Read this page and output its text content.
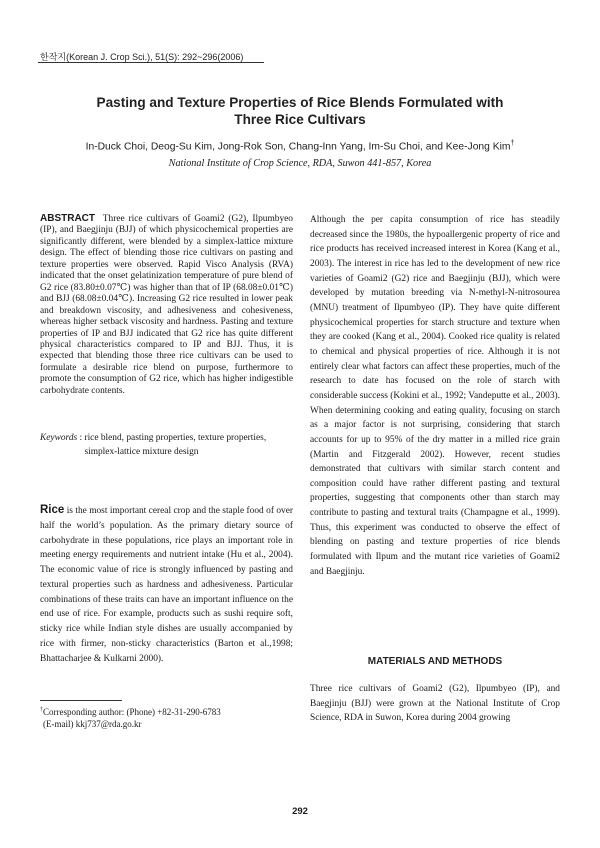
한작지(Korean J. Crop Sci.), 51(S): 292~296(2006)
Pasting and Texture Properties of Rice Blends Formulated with
Three Rice Cultivars
In-Duck Choi, Deog-Su Kim, Jong-Rok Son, Chang-Inn Yang, Im-Su Choi, and Kee-Jong Kim†
National Institute of Crop Science, RDA, Suwon 441-857, Korea
ABSTRACT Three rice cultivars of Goami2 (G2), Ilpumbyeo (IP), and Baegjinju (BJJ) of which physicochemical properties are significantly different, were blended by a simplex-lattice mixture design. The effect of blending those rice cultivars on pasting and texture properties were observed. Rapid Visco Analysis (RVA) indicated that the onset gelatinization temperature of pure blend of G2 rice (83.80±0.07℃) was higher than that of IP (68.08±0.01℃) and BJJ (68.08±0.04℃). Increasing G2 rice resulted in lower peak and breakdown viscosity, and adhesiveness and cohesiveness, whereas higher setback viscosity and hardness. Pasting and texture properties of IP and BJJ indicated that G2 rice has quite different physical characteristics compared to IP and BJJ. Thus, it is expected that blending those three rice cultivars can be used to formulate a desirable rice blend on purpose, furthermore to promote the consumption of G2 rice, which has higher indigestible carbohydrate contents.
Keywords : rice blend, pasting properties, texture properties, simplex-lattice mixture design
Rice is the most important cereal crop and the staple food of over half the world’s population. As the primary dietary source of carbohydrate in these populations, rice plays an important role in meeting energy requirements and nutrient intake (Hu et al., 2004). The economic value of rice is strongly influenced by pasting and textural properties such as hardness and adhesiveness. Particular combinations of these traits can have an important influence on the end use of rice. For example, products such as sushi require soft, sticky rice while Indian style dishes are usually accompanied by rice with firmer, non-sticky characteristics (Barton et al.,1998; Bhattacharjee & Kulkarni 2000).
†Corresponding author: (Phone) +82-31-290-6783
(E-mail) kkj737@rda.go.kr
Although the per capita consumption of rice has steadily decreased since the 1980s, the hypoallergenic property of rice and rice products has received increased interest in Korea (Kang et al., 2003). The interest in rice has led to the development of new rice varieties of Goami2 (G2) rice and Baegjinju (BJJ), which were developed by mutation breeding via N-methyl-N-nitrosourea (MNU) treatment of Ilpumbyeo (IP). They have quite different physicochemical properties for starch structure and texture when they are cooked (Kang et al., 2004). Cooked rice quality is related to chemical and physical properties of rice. Although it is not entirely clear what factors can affect these properties, much of the research to date has focused on the role of starch with considerable success (Kokini et al., 1992; Vandeputte et al., 2003). When determining cooking and eating quality, focusing on starch as a major factor is not surprising, considering that starch accounts for up to 95% of the dry matter in a milled rice grain (Martin and Fitzgerald 2002). However, recent studies demonstrated that cultivars with similar starch content and composition could have rather different pasting and textural properties, suggesting that components other than starch may contribute to pasting and textural traits (Champagne et al., 1999). Thus, this experiment was conducted to observe the effect of blending on pasting and texture properties of rice blends formulated with Ilpum and the mutant rice varieties of Goami2 and Baegjinju.
MATERIALS AND METHODS
Three rice cultivars of Goami2 (G2), Ilpumbyeo (IP), and Baegjinju (BJJ) were grown at the National Institute of Crop Science, RDA in Suwon, Korea during 2004 growing
292
